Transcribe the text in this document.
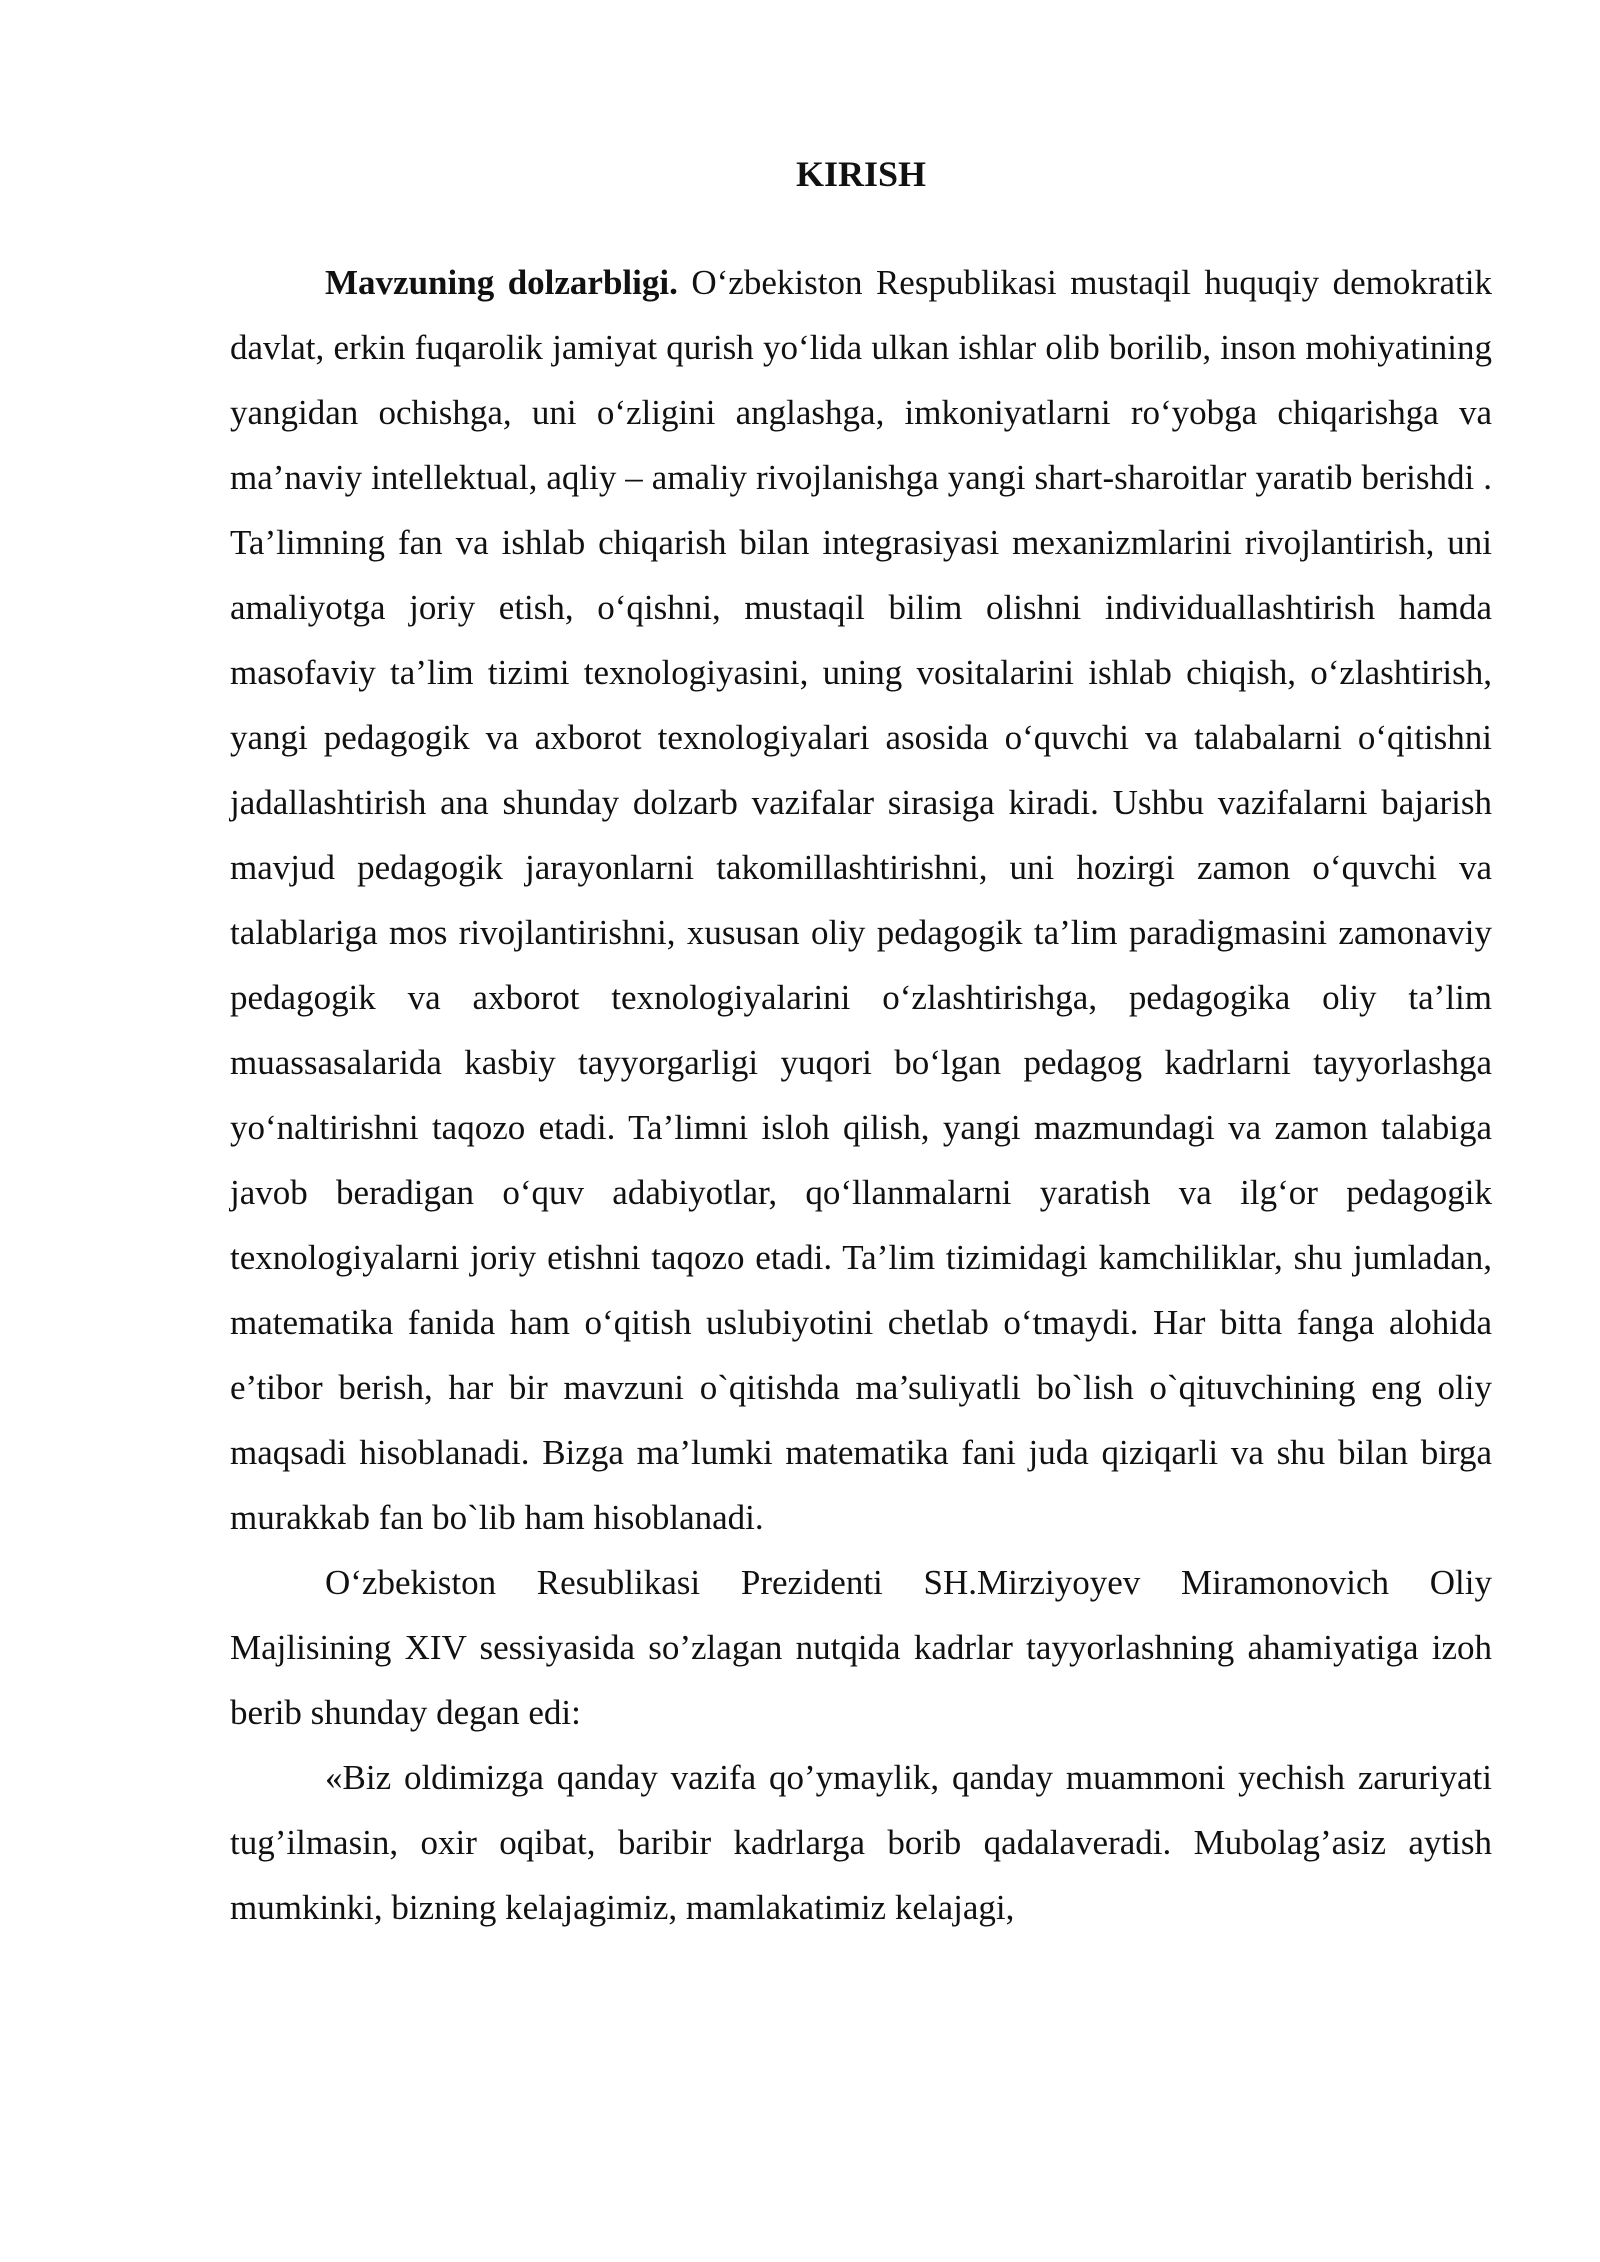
KIRISH

Mavzuning dolzarbligi. O‘zbekiston Respublikasi mustaqil huquqiy demokratik davlat, erkin fuqarolik jamiyat qurish yo‘lida ulkan ishlar olib borilib, inson mohiyatining yangidan ochishga, uni o‘zligini anglashga, imkoniyatlarni ro‘yobga chiqarishga va ma’naviy intellektual, aqliy – amaliy rivojlanishga yangi shart-sharoitlar yaratib berishdi . Ta’limning fan va ishlab chiqarish bilan integrasiyasi mexanizmlarini rivojlantirish, uni amaliyotga joriy etish, o‘qishni, mustaqil bilim olishni individuallashtirish hamda masofaviy ta’lim tizimi texnologiyasini, uning vositalarini ishlab chiqish, o‘zlashtirish, yangi pedagogik va axborot texnologiyalari asosida o‘quvchi va talabalarni o‘qitishni jadallashtirish ana shunday dolzarb vazifalar sirasiga kiradi. Ushbu vazifalarni bajarish mavjud pedagogik jarayonlarni takomillashtirishni, uni hozirgi zamon o‘quvchi va talablariga mos rivojlantirishni, xususan oliy pedagogik ta’lim paradigmasini zamonaviy pedagogik va axborot texnologiyalarini o‘zlashtirishga, pedagogika oliy ta’lim muassasalarida kasbiy tayyorgarligi yuqori bo‘lgan pedagog kadrlarni tayyorlashga yo‘naltirishni taqozo etadi. Ta’limni isloh qilish, yangi mazmundagi va zamon talabiga javob beradigan o‘quv adabiyotlar, qo‘llanmalarni yaratish va ilg‘or pedagogik texnologiyalarni joriy etishni taqozo etadi. Ta’lim tizimidagi kamchiliklar, shu jumladan, matematika fanida ham o‘qitish uslubiyotini chetlab o‘tmaydi. Har bitta fanga alohida e’tibor berish, har bir mavzuni o`qitishda ma’suliyatli bo`lish o`qituvchining eng oliy maqsadi hisoblanadi. Bizga ma’lumki matematika fani juda qiziqarli va shu bilan birga murakkab fan bo`lib ham hisoblanadi.

O‘zbekiston Resublikasi Prezidenti SH.Mirziyoyev Miramonovich Oliy Majlisining XIV sessiyasida so’zlagan nutqida kadrlar tayyorlashning ahamiyatiga izoh berib shunday degan edi:

«Biz oldimizga qanday vazifa qo’ymaylik, qanday muammoni yechish zaruriyati tug’ilmasin, oxir oqibat, baribir kadrlarga borib qadalaveradi. Mubolag’asiz aytish mumkinki, bizning kelajagimiz, mamlakatimiz kelajagi,
